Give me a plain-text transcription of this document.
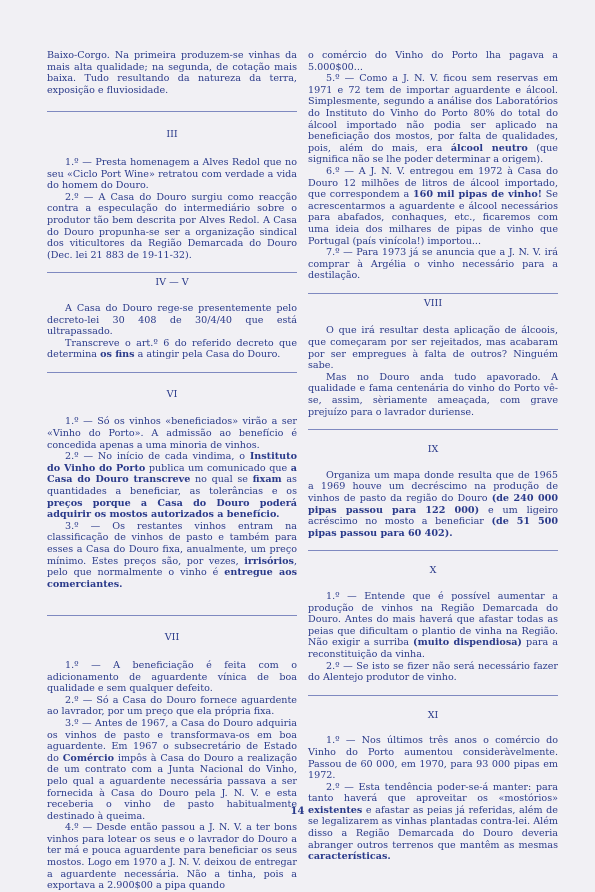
Baixo-Corgo. Na primeira produzem-se vinhas da mais alta qualidade; na segunda, de cotação mais baixa. Tudo resultando da natureza da terra, exposição e fluviosidade.

III

1.º — Presta homenagem a Alves Redol que no seu «Ciclo Port Wine» retratou com verdade a vida do homem do Douro.

2.º — A Casa do Douro surgiu como reacção contra a especulação do intermediário sobre o produtor tão bem descrita por Alves Redol. A Casa do Douro propunha-se ser a organização sindical dos viticultores da Região Demarcada do Douro (Dec. lei 21 883 de 19-11-32).

IV — V

A Casa do Douro rege-se presentemente pelo decreto-lei 30 408 de 30/4/40 que está ultrapassado.

Transcreve o art.º 6 do referido decreto que determina os fins a atingir pela Casa do Douro.

VI

1.º — Só os vinhos «beneficiados» virão a ser «Vinho do Porto». A admissão ao benefício é concedida apenas a uma minoria de vinhos.

2.º — No início de cada vindima, o Instituto do Vinho do Porto publica um comunicado que a Casa do Douro transcreve no qual se fixam as quantidades a beneficiar, as tolerâncias e os preços porque a Casa do Douro poderá adquirir os mostos autorizados a benefício.

3.º — Os restantes vinhos entram na classificação de vinhos de pasto e também para esses a Casa do Douro fixa, anualmente, um preço mínimo. Estes preços são, por vezes, irrisórios, pelo que normalmente o vinho é entregue aos comerciantes.

VII

1.º — A beneficiação é feita com o adicionamento de aguardente vínica de boa qualidade e sem qualquer defeito.

2.º — Só a Casa do Douro fornece aguardente ao lavrador, por um preço que ela própria fixa.

3.º — Antes de 1967, a Casa do Douro adquiria os vinhos de pasto e transformava-os em boa aguardente. Em 1967 o subsecretário de Estado do Comércio impôs à Casa do Douro a realização de um contrato com a Junta Nacional do Vinho, pelo qual a aguardente necessária passava a ser fornecida à Casa do Douro pela J. N. V. e esta receberia o vinho de pasto habitualmente destinado à queima.

4.º — Desde então passou a J. N. V. a ter bons vinhos para lotear os seus e o lavrador do Douro a ter má e pouca aguardente para beneficiar os seus mostos. Logo em 1970 a J. N. V. deixou de entregar a aguardente necessária. Não a tinha, pois a exportava a 2.900$00 a pipa quando

o comércio do Vinho do Porto lha pagava a 5.000$00...

5.º — Como a J. N. V. ficou sem reservas em 1971 e 72 tem de importar aguardente e álcool. Simplesmente, segundo a análise dos Laboratórios do Instituto do Vinho do Porto 80% do total do álcool importado não podia ser aplicado na beneficiação dos mostos, por falta de qualidades, pois, além do mais, era álcool neutro (que significa não se lhe poder determinar a origem).

6.º — A J. N. V. entregou em 1972 à Casa do Douro 12 milhões de litros de álcool importado, que correspondem a 160 mil pipas de vinho! Se acrescentarmos a aguardente e álcool necessários para abafados, conhaques, etc., ficaremos com uma ideia dos milhares de pipas de vinho que Portugal (país vinícola!) importou...

7.º — Para 1973 já se anuncia que a J. N. V. irá comprar à Argélia o vinho necessário para a destilação.

VIII

O que irá resultar desta aplicação de álcoois, que começaram por ser rejeitados, mas acabaram por ser empregues à falta de outros? Ninguém sabe.

Mas no Douro anda tudo apavorado. A qualidade e fama centenária do vinho do Porto vê-se, assim, sèriamente ameaçada, com grave prejuízo para o lavrador duriense.

IX

Organiza um mapa donde resulta que de 1965 a 1969 houve um decréscimo na produção de vinhos de pasto da região do Douro (de 240 000 pipas passou para 122 000) e um ligeiro acréscimo no mosto a beneficiar (de 51 500 pipas passou para 60 402).

X

1.º — Entende que é possível aumentar a produção de vinhos na Região Demarcada do Douro. Antes do mais haverá que afastar todas as peias que dificultam o plantio de vinha na Região. Não exigir a surriba (muito dispendiosa) para a reconstituição da vinha.

2.º — Se isto se fizer não será necessário fazer do Alentejo produtor de vinho.

XI

1.º — Nos últimos três anos o comércio do Vinho do Porto aumentou consideràvelmente. Passou de 60 000, em 1970, para 93 000 pipas em 1972.

2.º — Esta tendência poder-se-á manter: para tanto haverá que aproveitar os «mostórios» existentes e afastar as peias já referidas, além de se legalizarem as vinhas plantadas contra-lei. Além disso a Região Demarcada do Douro deveria abranger outros terrenos que mantêm as mesmas características.

14
